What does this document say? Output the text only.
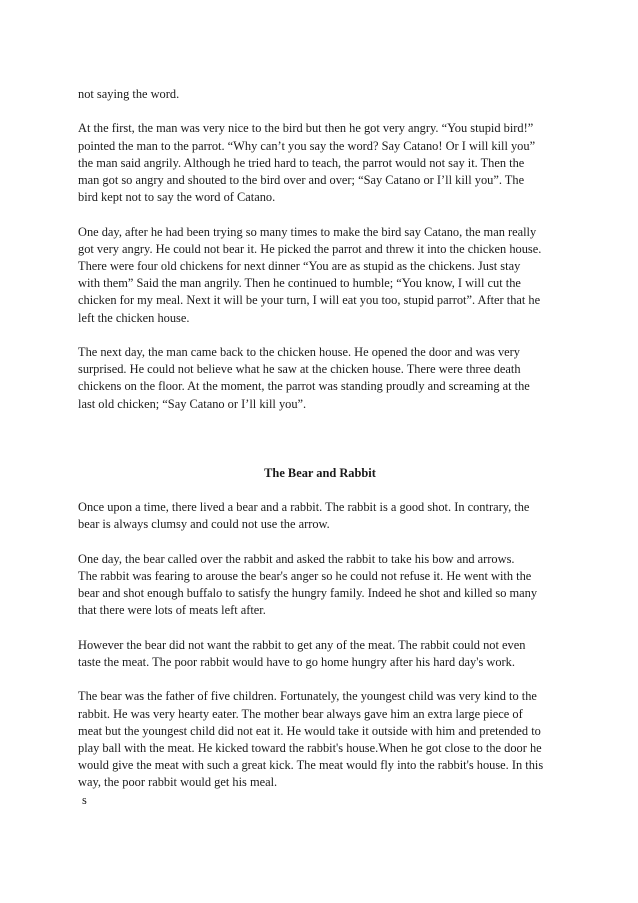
not saying the word.

At the first, the man was very nice to the bird but then he got very angry. “You stupid bird!”
pointed the man to the parrot. “Why can’t you say the word? Say Catano! Or I will kill you”
the man said angrily. Although he tried hard to teach, the parrot would not say it. Then the
man got so angry and shouted to the bird over and over; “Say Catano or I’ll kill you”. The
bird kept not to say the word of Catano.

One day, after he had been trying so many times to make the bird say Catano, the man really
got very angry. He could not bear it. He picked the parrot and threw it into the chicken house.
There were four old chickens for next dinner “You are as stupid as the chickens. Just stay
with them” Said the man angrily. Then he continued to humble; “You know, I will cut the
chicken for my meal. Next it will be your turn, I will eat you too, stupid parrot”. After that he
left the chicken house.

The next day, the man came back to the chicken house. He opened the door and was very
surprised. He could not believe what he saw at the chicken house. There were three death
chickens on the floor. At the moment, the parrot was standing proudly and screaming at the
last old chicken; “Say Catano or I’ll kill you”.

The Bear and Rabbit

Once upon a time, there lived a bear and a rabbit. The rabbit is a good shot. In contrary, the
bear is always clumsy and could not use the arrow.

One day, the bear called over the rabbit and asked the rabbit to take his bow and arrows.
The rabbit was fearing to arouse the bear's anger so he could not refuse it. He went with the
bear and shot enough buffalo to satisfy the hungry family. Indeed he shot and killed so many
that there were lots of meats left after.

However the bear did not want the rabbit to get any of the meat. The rabbit could not even
taste the meat. The poor rabbit would have to go home hungry after his hard day's work.

The bear was the father of five children. Fortunately, the youngest child was very kind to the
rabbit. He was very hearty eater. The mother bear always gave him an extra large piece of
meat but the youngest child did not eat it. He would take it outside with him and pretended to
play ball with the meat. He kicked toward the rabbit's house.When he got close to the door he
would give the meat with such a great kick. The meat would fly into the rabbit's house. In this
way, the poor rabbit would get his meal.

s
